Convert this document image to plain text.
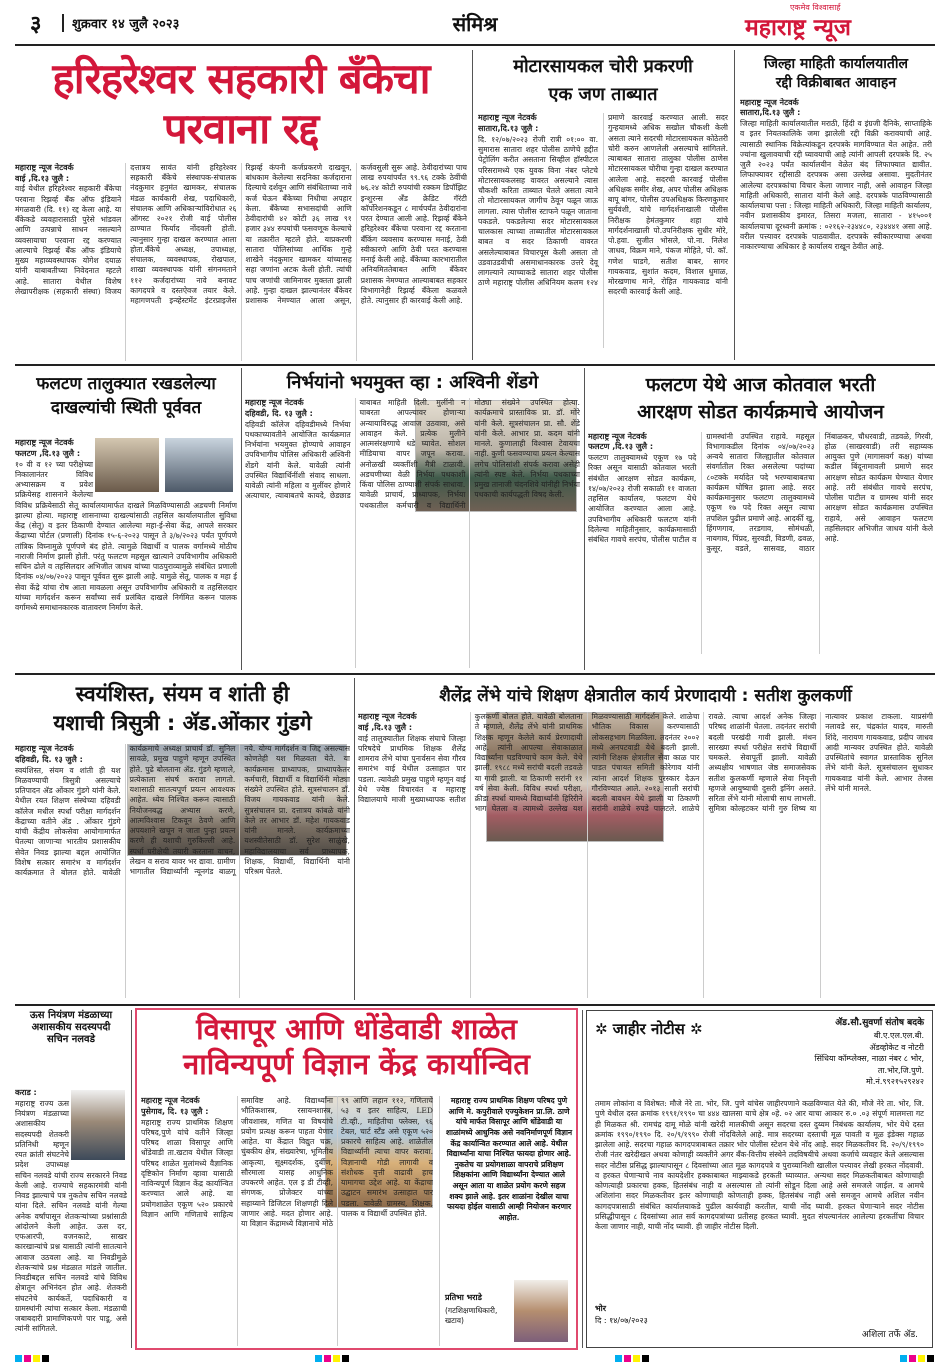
३	शुक्रवार १४ जुलै २०२३	संमिश्र
एकमेव विश्वासार्ह
महाराष्ट्र न्यूज
हरिहरेश्वर सहकारी बँकेचा
परवाना रद्द
महाराष्ट्र न्यूज नेटवर्क
वाई ,दि.१३ जुलै :

वाई येथील हरिहरेश्वर सहकारी बँकेचा परवाना रिझर्व्ह बँक ऑफ इंडियाने मंगळवारी (दि. ११) रद्द केला आहे. या बँकेकडे व्यवहारासाठी पुरेसे भांडवल आणि उत्पन्नाचे साधन नसल्याने व्यवसायाचा परवाना रद्द करण्यात आल्याचे रिझर्व्ह बँक ऑफ इंडियाचे मुख्य महाव्यवस्थापक योगेश दयाळ यांनी याबाबतीच्या निवेदनात म्हटले आहे. सातारा येथील विशेष लेखापरीक्षक (सहकारी संस्था) विजय दत्तात्रय सावंत यांनी हरिहरेश्वर सहकारी बँकेचे संस्थापक-संचालक नंदकुमार हनुमंत खामकर, संचालक मंडळ कार्यकारी शेख, पदाधिकारी, संचालक आणि अधिकाऱ्यांविरोधात २६ ऑगस्ट २०२१ रोजी वाई पोलीस ठाण्यात फिर्याद नोंदवली होती. त्यानुसार गुन्हा दाखल करण्यात आला होता.बँकेचे अध्यक्ष, उपाध्यक्ष, संचालक, व्यवस्थापक, रोखपाल, शाखा व्यवस्थापक यांनी संगनमताने ११२ कर्जदारांच्या नावे बनावट कागदपत्रे व दस्तऐवज तयार केले. महागणपती इन्व्हेस्टमेंट इंटरप्राइजेस रिझर्व्ह कंपनी कर्जप्रकरणे दाखवून, बांधकाम केलेल्या सदनिका कर्जदाराना दिल्याचे दर्शवून आणि संबंधिताच्या नावे कर्ज घेऊन बँकेच्या निधीचा अपहार केला. बँकेच्या सभासदांची आणि ठेवीदारांची ४२ कोटी ३६ लाख ९१ हजार ३४४ रुपयांची फसवणूक केल्याचे या तक्रारीत म्हटले होते. याप्रकरणी सातारा पोलिसांच्या आर्थिक गुन्हे शाखेने नंदकुमार खामकर यांच्यासह सहा जणांना अटक केली होती. त्यांची पाच जणांची जामिनावर मुक्तता झाली आहे. गुन्हा दाखल झाल्यानंतर बँकेवर प्रशासक नेमण्यात आला असून, कर्जवसुली सुरू आहे. ठेवीदारांच्या पाच लाख रुपयांपर्यंत ९९.९६ टक्के ठेवींची ७६.२४ कोटी रुपयांची रक्कम डिपॉझिट इन्शुरन्स अँड क्रेडिट गॅरंटी कॉर्पोरेशनकडून ८ मार्चपर्यंत ठेवीदारांना परत देण्यात आली आहे. रिझर्व्ह बँकेने हरिहरेश्वर बँकेचा परवाना रद्द करताना बँकिंग व्यवसाय करण्यास मनाई, ठेवी स्वीकारणे आणि ठेवी परत करण्यास मनाई केली आहे. बँकेच्या कारभारातील अनियमिततेबाबत आणि बँकेवर प्रशासक नेमण्यात आल्याबाबत सहकार विभागानेही रिझर्व्ह बँकेला कळवले होते. त्यानुसार ही कारवाई केली आहे.

मोटारसायकल चोरी प्रकरणी
एक जण ताब्यात
महाराष्ट्र न्यूज नेटवर्क
सातारा,दि.१३ जुलै :

दि. १२/०७/२०२३ रोजी रात्री ०१:०० वा. सुमारास सातारा शहर पोलीस ठाणेचे हद्दीत पेट्रोलिंग करीत असताना सिव्हील हॉस्पीटल परिसरामध्ये एक युवक विना नंबर प्लेटचे मोटारसायकलसह वावरत असल्याने त्यास चौकशी करिता ताब्यात घेतले असता त्याने तो मोटारसायकल जागीच ठेवून पळून जाऊ लागला. त्यास पोलीस स्टाफने पळून जाताना पकडले. पकडलेल्या सदर मोटारसायकल चालकास त्याच्या ताब्यातील मोटारसायकल बाबत व सदर ठिकाणी वावरत असलेल्याबाबत विचारपूस केली असता तो उडवाउडवीची असमाधानकारक उत्तरे देवू लागल्याने त्याच्याकडे सातारा शहर पोलीस ठाणे महाराष्ट्र पोलीस अधिनियम कलम १२४ प्रमाणे कारवाई करण्यात आली. सदर गुन्हयामध्ये अधिक सखोल चौकशी केली असता त्याने सदरची मोटारसायकल कोठेतरी चोरी करुन आणलेली असल्याचे सांगितले. त्याबाबत सातारा तालुका पोलीस ठाणेस मोटारसायकल चोरीचा गुन्हा दाखल करण्यात आलेला आहे. सदरची कारवाई पोलीस अधिक्षक समीर शेख, अपर पोलीस अधिक्षक बापू बांगर, पोलीस उपअधिक्षक किरणकुमार सुर्यवंशी, यांचे मार्गदर्शनाखाली पोलीस निरीक्षक हेमंतकुमार शहा यांचे मार्गदर्शनाखाली पो.उपनिरीक्षक सुधीर मोरे, पो.हवा. सुजीत भोसले, पो.ना. निलेश जाधव, विक्रम माने, पंकज मोहिते, पो. कॉ. गणेश घाडगे, सतीश बाबर, सागर गायकवाड, सुशांत कदम, विशाल धुमाळ, मोरखणाथ माने, रोहित गायकवाड यांनी सदरची कारवाई केली आहे.

जिल्हा माहिती कार्यालयातील
रद्दी विक्रीबाबत आवाहन
महाराष्ट्र न्यूज नेटवर्क
सातारा,दि.१३ जुलै :

जिल्हा माहिती कार्यालयातील मराठी, हिंदी व इंग्रजी दैनिके, साप्ताहिके व इतर नियतकालिके जमा झालेली रद्दी विक्री करावयाची आहे. त्यासाठी स्थानिक विक्रेत्यांकडून दरपत्रके मागविण्यात येत आहेत. तरी ज्यांना खुलावयाची रद्दी घ्यावयाची आहे त्यांनी आपली दरपत्रके दि. २५ जुलै २०२३ पर्यंत कार्यालयीन वेळेत बंद लिफाफ्यात द्यावीत. लिफाफ्यावर रद्दीसाठी दरपत्रक असा उल्लेख असावा. मुदतीनंतर आलेल्या दरपत्रकांचा विचार केला जाणार नाही, असे आवाहन जिल्हा माहिती अधिकारी, सातारा यांनी केले आहे. दरपत्रके पाठविण्यासाठी कार्यालयाचा पत्ता : जिल्हा माहिती अधिकारी, जिल्हा माहिती कार्यालय, नवीन प्रशासकीय इमारत, तिसरा मजला, सातारा - ४१५००१ कार्यालयाचा दूरध्वनी क्रमांक : ०२१६२-२३४४८०, २३४४४१ असा आहे. वरील पत्त्यावर दरपत्रके पाठवावीत. दरपत्रके स्वीकारण्याचा अथवा नाकारण्याचा अधिकार हे कार्यालय राखून ठेवीत आहे.

फलटण तालुक्यात रखडलेल्या
दाखल्यांची स्थिती पूर्ववत
महाराष्ट्र न्यूज नेटवर्क
फलटण ,दि.१३ जुलै :

१० वी व १२ च्या परीक्षेच्या निकालानंतर विविध अभ्यासक्रम व प्रवेश प्रक्रियेसह शासनाने केलेल्या विविध प्रक्रियेसाठी सेतू कार्यालयामार्फत दाखले मिळविण्यासाठी अडचणी निर्माण झाल्या होत्या. महाराष्ट्र शासनाच्या दाखल्यांसाठी तहसिल कार्यालयातील सुविधा केंद्र (सेतू) व इतर ठिकाणी देण्यात आलेल्या महा-ई-सेवा केंद्र, आपले सरकार केंद्राच्या पोर्टल (प्रणाली) दिनांक १५-६-२०२३ पासून ते ३/७/२०२३ पर्यंत पूर्णपणे तांत्रिक विघ्नामुळे पूर्णपणे बंद होते. त्यामुळे विद्यार्थी व पालक वर्गामध्ये मोठीच नाराजी निर्माण झाली होती. परंतु फलटण महसूल खात्याने उपविभागीय अधिकारी सचिन ढोले व तहसिलदार अभिजीत जाधव यांच्या पाठपुराव्यामुळे संबंधित प्रणाली दिनांक ०४/०७/२०२३ पासून पूर्ववत सुरू झाली आहे. यामुळे सेतू, पालक व महा ई सेवा केंद्रे यांचा रोष आता मावळला असून उपविभागीय अधिकारी व तहसिलदार यांच्या मार्गदर्शन करून सर्वांच्या सर्व प्रलंबित दाखले निर्गमित करून पालक वर्गामध्ये समाधानकारक वातावरण निर्माण केले.

निर्भयांनो भयमुक्त व्हा : अश्विनी शेंडगे
महाराष्ट्र न्यूज नेटवर्क
दहिवडी, दि. १३ जुलै :

दहिवडी कॉलेज दहिवडीमध्ये निर्भया पथकाच्यावतीने आयोजित कार्यक्रमात निर्भयांना भयमुक्त होण्याचे आवाहन उपविभागीय पोलिस अधिकारी अश्विनी शेंडगे यांनी केले. यावेळी त्यांनी उपस्थित विद्यार्थिनींशी संवाद साधला. यावेळी त्यांनी महिला व मुलींवर होणारे अत्याचार, त्याबाबतचे कायदे, छेडछाड याबाबत माहिती दिली. मुलींनी न घाबरता आपल्यावर होणाऱ्या अन्यायाविरुद्ध आवाज उठवावा, असे आवाहन केले. प्रत्येक मुलीने आत्मसंरक्षणाचे धडे घ्यावेत. सोशल मीडियाचा वापर जपून करावा. अनोळखी व्यक्तींशी मैत्री टाळावी. अडचणीच्या वेळी निर्भया पथकाशी किंवा पोलिस ठाण्याशी संपर्क साधावा. यावेळी प्राचार्य, प्राध्यापक, निर्भया पथकातील कर्मचारी व विद्यार्थिनी मोठ्या संख्येने उपस्थित होत्या. कार्यक्रमाचे प्रास्ताविक प्रा. डॉ. मोरे यांनी केले. सूत्रसंचालन प्रा. सौ. शेंडे यांनी केले. आभार प्रा. कदम यांनी मानले. कुणालाही विश्वास टेवायचा नाही. कुणी फसवण्याचा प्रयत्न केल्यास लगेच पोलिसांशी संपर्क करावा असेही त्यांनी स्पष्ट केले. निर्भया पथकाच्या प्रमुख तानाजी चंदनशिवे यांनीही निर्भया पथकाची कार्यपद्धती विषद केली.

फलटण येथे आज कोतवाल भरती
आरक्षण सोडत कार्यक्रमाचे आयोजन
महाराष्ट्र न्यूज नेटवर्क
फलटण ,दि.१३ जुलै :

फलटण तालुक्यामध्ये एकूण १७ पदे रिक्त असून यासाठी कोतवाल भरती संबंधीत आरक्षण सोडत कार्यक्रम, १४/०७/२०२३ रोजी सकाळी ११ वाजता तहसिल कार्यालय, फलटण येथे आयोजित करण्यात आला आहे. उपविभागीय अधिकारी फलटण यांनी दिलेल्या माहितीनुसार, कार्यक्रमासाठी संबंधित गावचे सरपंच, पोलीस पाटील व ग्रामस्थांनी उपस्थित राहावे. महसूल विभागाकडील दिनांक ०४/०७/२०२३ अन्वये सातारा जिल्ह्यातील कोतवाल संवर्गातील रिक्त असलेल्या पदांच्या ८०टक्के मर्यादेत पदे भरण्याबाबतचा कार्यक्रम घोषित झाला आहे. सदर कार्यक्रमानुसार फलटण तालुक्यामध्ये एकूण १७ पदे रिक्त असून त्याचा तपशिल पुढील प्रमाणे आहे. आदर्की खु, हिंगणगाव, तरडगाव, सोमंथळी, नायगाव, पिंप्रद, सुरवडी, विडणी, ढवळ, कुसूर, वडले, सासवड, वाठार निंबाळकर, चौधरवाडी, तडवळे, गिरवी, होळ (साखरवाडी) तरी सहाय्यक आयुक्त पुणे (मागासवर्ग कक्ष) यांच्या कडील बिंदूनामावली प्रमाणे सदर आरक्षण सोडत कार्यक्रम घेण्यात येणार आहे. तरी संबंधीत गावचे सरपंच, पोलीस पाटील व ग्रामस्थ यांनी सदर आरक्षण सोडत कार्यक्रमास उपस्थित राहावे, असे आवाहन फलटण तहसिलदार अभिजीत जाधव यांनी केले आहे.

स्वयंशिस्त, संयम व शांती ही
यशाची त्रिसुत्री : ॲड.ओंकार गुंडगे
महाराष्ट्र न्यूज नेटवर्क
दहिवडी, दि. १३ जुलै :

स्वयंशिस्त, संयम व शांती ही यश मिळवण्याची त्रिसुत्री असल्याचे प्रतिपादन ॲड ओंकार गुंडगे यांनी केले. येथील रयत शिक्षण संस्थेच्या दहिवडी कॉलेज मधील स्पर्धा परीक्षा मार्गदर्शन केंद्राच्या वतीने ॲड . ओंकार गुंडगे यांची केंद्रीय लोकसेवा आयोगामार्फत घेतल्या जाणाऱ्या भारतीय प्रशासकीय सेवेत निवड झाल्या बद्दल आयोजित विशेष सत्कार समारंभ व मार्गदर्शन कार्यक्रमात ते बोलत होते. यावेळी कार्यक्रमाचे अध्यक्ष प्राचार्य डॉ. सुनिल सावळे, प्रमुख पाहुणे म्हणून उपस्थित होते. पुढे बोलताना ॲड. गुंडगे म्हणाले, प्रत्येकाला संघर्ष करावा लागतो. यशासाठी सातत्यपूर्ण प्रयत्न आवश्यक आहेत. ध्येय निश्चित करून त्यासाठी नियोजनबद्ध अभ्यास करणे, आत्मविश्वास टिकवून ठेवणे आणि अपयशाने खचून न जाता पुन्हा प्रयत्न करणे ही यशाची गुरुकिल्ली आहे. स्पर्धा परीक्षेची तयारी करताना वाचन, लेखन व सराव यावर भर द्यावा. ग्रामीण भागातील विद्यार्थ्यांनी न्यूनगंड बाळगू नये. योग्य मार्गदर्शन व जिद्द असल्यास कोणतेही यश मिळवता येते. या कार्यक्रमास प्राध्यापक, प्राध्यापकेतर कर्मचारी, विद्यार्थी व विद्यार्थिनी मोठ्या संख्येने उपस्थित होते. सूत्रसंचालन डॉ. विजय गायकवाड यांनी केले. सुत्रसंचालन प्रा. दत्तात्रय कांबळे यांनी केले तर आभार डॉ. महेश गायकवाड यांनी मानले. कार्यक्रमाच्या यशस्वीतेसाठी डॉ. सुरेश साळुंखे, महाविद्यालयाचा सर्व प्राध्यापक, शिक्षक, विद्यार्थी, विद्यार्थिनी यांनी परिश्रम घेतले.

शैलेंद्र लेंभे यांचे शिक्षण क्षेत्रातील कार्य प्रेरणादायी : सतीश कुलकर्णी
महाराष्ट्र न्यूज नेटवर्क
वाई ,दि.१३ जुलै :

वाई तालुक्यातील शिक्षक संघाचे जिल्हा परिषदेचे प्राथमिक शिक्षक शैलेंद्र शामराव लेंभे यांचा पुनःर्वसन सेवा गौरव समारंभ वाई येथील उत्साहात पार पडला. त्यावेळी प्रमुख पाहुणे म्हणून वाई येथे ज्येष्ठ विचारवंत व महाराष्ट्र विद्यालयाचे माजी मुख्याध्यापक सतीश कुलकर्णी बोलत होते. यावेळी बोलताना ते म्हणाले, शैलेंद्र लेंभे यांनी प्राथमिक शिक्षक म्हणून केलेले कार्य प्रेरणादायी आहे. त्यांनी आपल्या सेवाकाळात विद्यार्थ्यांना घडविण्याचे काम केले. येथे झाली. १९८८ मध्ये सरांची बदली तडवळे या गावी झाली. या ठिकाणी सरांनी ११ वर्ष सेवा केली. विविध स्पर्धा परीक्षा, क्रीडा स्पर्धा यामध्ये विद्यार्थ्यांनी हिरिरीने भाग घेतला व त्यामध्ये उल्लेख यश मिळवण्यासाठी मार्गदर्शन केले. शाळेचा भौतिक विकास करण्यासाठी लोकसहभाग मिळविला. तदनंतर २००२ मध्ये अनपटवाडी येथे बदली झाली. त्यांनी शिक्षक क्षेत्रातील सेवा काळ पार पाडत पंचायत समिती कोरेगाव यांनी त्यांना आदर्श शिक्षक पुरस्कार देऊन गौरविण्यात आले. २०१३ साली सरांची बदली बावधन येथे झाली या ठिकाणी सरांनी शाळेचे रुपडे पालटले. शाळेचे रावळे. त्याचा आदर्श अनेक जिल्हा परिषद शाळांनी घेतला. तदनंतर सरांची बदली परखंदी गावी झाली. मंथन सारख्या स्पर्धा परीक्षेत सरांचे विद्यार्थी चमकले. सेवापूर्ती झाली. यावेळी अध्यक्षीय भाषणात जेष्ठ समाजसेवक सतीश कुलकर्णी म्हणाले सेवा निवृत्ती म्हणजे आयुष्याची दुसरी इनिंग असते. सरिता लेंभे यांनी मोलाची साथ लाभली. सुमित्रा कोल्हटकर यांनी गुरु शिष्य या नात्यावर प्रकाश टाकला. याप्रसंगी नलावडे सर, चंद्रकांत यादव, मारुती शिंदे, नारायण गायकवाड, प्रदीप जाधव आदी मान्यवर उपस्थित होते. यावेळी उपस्थितांचे स्वागत प्रास्ताविक सुनिल लेंभे यांनी केले. सूत्रसंचालन सुधाकर गायकवाड यांनी केले. आभार तेजस लेंभे यांनी मानले.

ऊस नियंत्रण मंडळाच्या
अशासकीय सदस्यपदी
सचिन नलवडे
कराड :

महाराष्ट्र राज्य ऊस नियंत्रण मंडळाच्या अशासकीय सदस्यपदी शेतकरी प्रतिनिधी म्हणून रयत क्रांती संघटनेचे प्रदेश उपाध्यक्ष सचिन नलवडे यांची राज्य सरकारने निवड केली आहे. राज्याचे सहकारमंत्री यांनी निवड झाल्याचे पत्र नुकतेच सचिन नलवडे यांना दिले. सचिन नलवडे यांनी गेल्या अनेक वर्षांपासून शेतकऱ्यांच्या प्रश्नांसाठी आंदोलने केली आहेत. ऊस दर, एफआरपी, वजनकाटे, साखर कारखान्यांचे प्रश्न यासाठी त्यांनी सातत्याने आवाज उठवला आहे. या निवडीमुळे शेतकऱ्यांचे प्रश्न मंडळात मांडले जातील. निवडीबद्दल सचिन नलवडे यांचे विविध क्षेत्रातून अभिनंदन होत आहे. शेतकरी संघटनेचे कार्यकर्ते, पदाधिकारी व ग्रामस्थांनी त्यांचा सत्कार केला. मंडळाची जबाबदारी प्रामाणिकपणे पार पाडू, असे त्यांनी सांगितले.

विसापूर आणि धोंडेवाडी शाळेत
नाविन्यपूर्ण विज्ञान केंद्र कार्यान्वित
महाराष्ट्र न्यूज नेटवर्क
पुसेगाव, दि. १३ जुलै :

महाराष्ट्र राज्य प्राथमिक शिक्षण परिषद,पुणे यांचे वतीने जिल्हा परिषद शाळा विसापूर आणि धोंडेवाडी ता.खटाव येथील जिल्हा परिषद शाळेत मुलांमध्ये वैज्ञानिक दृष्टिकोन निर्माण व्हावा यासाठी नाविन्यपूर्ण विज्ञान केंद्र कार्यान्वित करण्यात आले आहे. या प्रयोगशाळेत एकूण ५२० प्रकारचे विज्ञान आणि गणिताचे साहित्य समाविष्ट आहे. विद्यार्थ्यांना भौतिकशास्त्र, रसायनशास्त्र, जीवशास्त्र, गणित या विषयांचे प्रयोग प्रत्यक्ष करून पाहता येणार आहेत. या केंद्रात विद्युत चक्र, चुंबकीय क्षेत्र, संख्यारेषा, भूमितीय आकृत्या, सूक्ष्मदर्शक, दुर्बीण, सौरमाला यासह आधुनिक उपकरणे आहेत. एल इ डी टीव्ही, संगणक, प्रोजेक्टर यांच्या सहाय्याने डिजिटल शिक्षणही दिले जाणार आहे. मदत होणार आहे. या विज्ञान केंद्रामध्ये विज्ञानाचे मोठे ९९ आणि लहान ११२, गणिताचे ५३ व इतर साहित्य, LED टी.व्ही., माहितीचा फ्लेक्स, ९६ टेबल, चार्ट स्टँड असे एकूण ५२० प्रकारचे साहित्य आहे. शाळेतील विद्यार्थ्यांनी त्याचा वापर करावा. विज्ञानाची गोडी लागावी व संशोधक वृत्ती वाढावी हाच यामागचा उद्देश आहे. या केंद्राचा उद्घाटन समारंभ उत्साहात पार पडला. यावेळी ग्रामस्थ, शिक्षक, पालक व विद्यार्थी उपस्थित होते.

महाराष्ट्र राज्य प्राथमिक शिक्षण परिषद पुणे आणि मे. कपुरीवाले एज्युकेशन प्रा.लि. ठाणे यांचे मार्फत विसापूर आणि धोंडेवाडी या शाळांमध्ये आधुनिक असे नवनिर्माणपूर्ण विज्ञान केंद्र कार्यान्वित करण्यात आले आहे. येथील विद्यार्थ्यांना याचा निश्चित फायदा होणार आहे. नुकतेच या प्रयोगशाळा वापराचे प्रशिक्षण शिक्षकांना आणि विद्यार्थ्यांना देण्यात आले असून आता या शाळेत प्रयोग करणे सहज शक्य झाले आहे. इतर शाळांना देखील याचा फायदा होईल यासाठी आम्ही नियोजन करणार आहोत.
प्रतिभा भराडे
(गटशिक्षणाधिकारी, खटाव)
✲ जाहीर नोटीस ✲	ॲड.सौ.सुवर्णा संतोष बदके
बी.ए.एल.एल.बी.
ॲडव्होकेट व नोटरी
सिंधिया कॉम्प्लेक्स, नाळा नंबर ८ भोर,
ता.भोर,जि.पुणे.
मो.नं.९९२१५२९२४२
तमाम लोकांना व विशेषत: मौजे नेरे ता. भोर, जि. पुणे यांचेस जाहीरपणाने कळविण्यात येते की, मौजे नेरे ता. भोर, जि. पुणे येथील दस्त क्रमांक १९९१/१९९० चा ४४४ खालसा याचे क्षेत्र ०हे. ०२ आर याचा आकार रु.० .०३ संपूर्ण मालमत्ता गट ही मिळकत श्री. रामचंद्र दामू मोळे यांनी खरेदी मालकीची असून सदरचा दस्त दुय्यम निबंधक कार्यालय, भोर येथे दस्त क्रमांक १९९०/१९९० दि. २०/९/१९९० रोजी नोंदविलेले आहे. मात्र सदरच्या दस्ताची मूळ पावती व मूळ इंडेक्स गहाळ झालेला आहे. सदरचा गहाळ कागदपत्राबाबत तक्रार भोर पोलीस स्टेशन येथे नोंद आहे. सदर मिळकतीवर दि. २०/९/१९९० रोजी नंतर खरेदीखत अथवा कोणाही व्यक्तीने अगर बँक-वित्तीय संस्थेने तदविषयीचे अथवा कर्जाचे व्यवहार केले असल्यास सदर नोटीस प्रसिद्ध झाल्यापासून ८ दिवसांच्या आत मूळ कागदपत्रे व पुराव्यानिशी खालील पत्त्यावर लेखी हरकत नोंदवावी. व हरकत घेणाऱ्याचे नाव कायदेशीर हक्काबाबत माझ्याकडे हरकती घ्याव्यात. अन्यथा सदर मिळकतीबाबत कोणाचाही कोणत्याही प्रकारचा हक्क, हितसंबंध नाही व असल्यास तो त्यांनी सोडून दिला आहे असे समजले जाईल. व आमचे अशिलांना सदर मिळकतीवर इतर कोणाचाही कोणताही हक्क, हितसंबंध नाही असे समजून आमचे अशिल नवीन कागदपत्रासाठी संबंधित कार्यालयाकडे पुढील कार्यवाही करतील, याची नोंद घ्यावी. हरकत घेणाऱ्याने सदर नोटीस प्रसिद्धीपासून ८ दिवसांच्या आत सर्व कागदपत्रांच्या प्रतीसह हरकत घ्यावी. मुदत संपल्यानंतर आलेल्या हरकतींचा विचार केला जाणार नाही, याची नोंद घ्यावी. ही जाहीर नोटीस दिली.
भोर
दि : १४/०७/२०२३
अशिला तर्फे ॲड.
